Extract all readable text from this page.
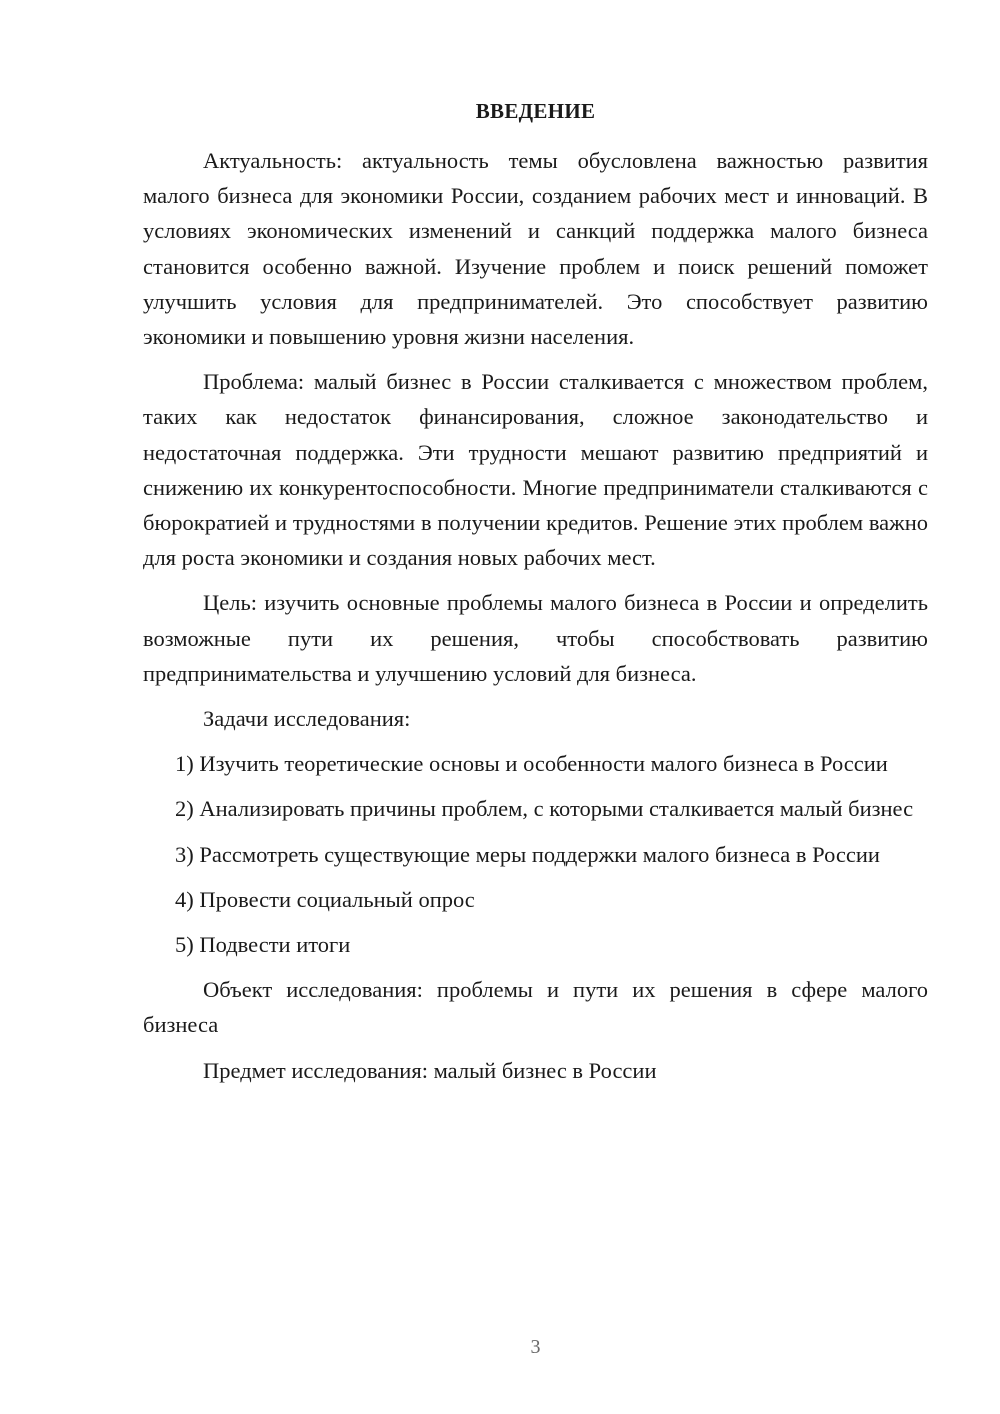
ВВЕДЕНИЕ

Актуальность: актуальность темы обусловлена важностью развития малого бизнеса для экономики России, созданием рабочих мест и инноваций. В условиях экономических изменений и санкций поддержка малого бизнеса становится особенно важной. Изучение проблем и поиск решений поможет улучшить условия для предпринимателей. Это способствует развитию экономики и повышению уровня жизни населения.

Проблема: малый бизнес в России сталкивается с множеством проблем, таких как недостаток финансирования, сложное законодательство и недостаточная поддержка. Эти трудности мешают развитию предприятий и снижению их конкурентоспособности. Многие предприниматели сталкиваются с бюрократией и трудностями в получении кредитов. Решение этих проблем важно для роста экономики и создания новых рабочих мест.

Цель: изучить основные проблемы малого бизнеса в России и определить возможные пути их решения, чтобы способствовать развитию предпринимательства и улучшению условий для бизнеса.

Задачи исследования:

1) Изучить теоретические основы и особенности малого бизнеса в России

2) Анализировать причины проблем, с которыми сталкивается малый бизнес

3) Рассмотреть существующие меры поддержки малого бизнеса в России

4) Провести социальный опрос

5) Подвести итоги

Объект исследования: проблемы и пути их решения в сфере малого бизнеса

Предмет исследования: малый бизнес в России

3
